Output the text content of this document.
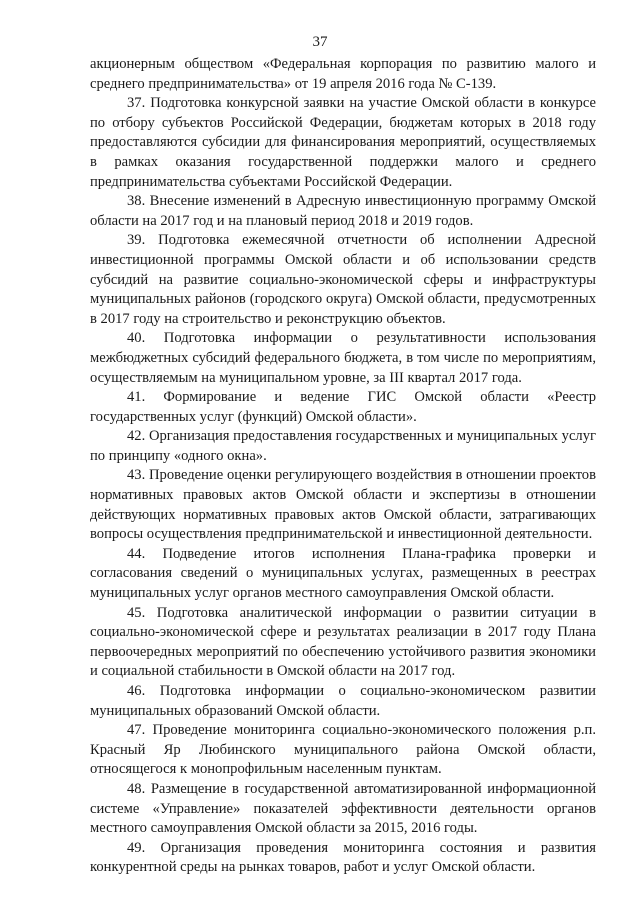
37

акционерным обществом «Федеральная корпорация по развитию малого и среднего предпринимательства» от 19 апреля 2016 года № С-139.

37. Подготовка конкурсной заявки на участие Омской области в конкурсе по отбору субъектов Российской Федерации, бюджетам которых в 2018 году предоставляются субсидии для финансирования мероприятий, осуществляемых в рамках оказания государственной поддержки малого и среднего предпринимательства субъектами Российской Федерации.

38. Внесение изменений в Адресную инвестиционную программу Омской области на 2017 год и на плановый период 2018 и 2019 годов.

39. Подготовка ежемесячной отчетности об исполнении Адресной инвестиционной программы Омской области и об использовании средств субсидий на развитие социально-экономической сферы и инфраструктуры муниципальных районов (городского округа) Омской области, предусмотренных в 2017 году на строительство и реконструкцию объектов.

40. Подготовка информации о результативности использования межбюджетных субсидий федерального бюджета, в том числе по мероприятиям, осуществляемым на муниципальном уровне, за III квартал 2017 года.

41. Формирование и ведение ГИС Омской области «Реестр государственных услуг (функций) Омской области».

42. Организация предоставления государственных и муниципальных услуг по принципу «одного окна».

43. Проведение оценки регулирующего воздействия в отношении проектов нормативных правовых актов Омской области и экспертизы в отношении действующих нормативных правовых актов Омской области, затрагивающих вопросы осуществления предпринимательской и инвестиционной деятельности.

44. Подведение итогов исполнения Плана-графика проверки и согласования сведений о муниципальных услугах, размещенных в реестрах муниципальных услуг органов местного самоуправления Омской области.

45. Подготовка аналитической информации о развитии ситуации в социально-экономической сфере и результатах реализации в 2017 году Плана первоочередных мероприятий по обеспечению устойчивого развития экономики и социальной стабильности в Омской области на 2017 год.

46. Подготовка информации о социально-экономическом развитии муниципальных образований Омской области.

47. Проведение мониторинга социально-экономического положения р.п. Красный Яр Любинского муниципального района Омской области, относящегося к монопрофильным населенным пунктам.

48. Размещение в государственной автоматизированной информационной системе «Управление» показателей эффективности деятельности органов местного самоуправления Омской области за 2015, 2016 годы.

49. Организация проведения мониторинга состояния и развития конкурентной среды на рынках товаров, работ и услуг Омской области.
